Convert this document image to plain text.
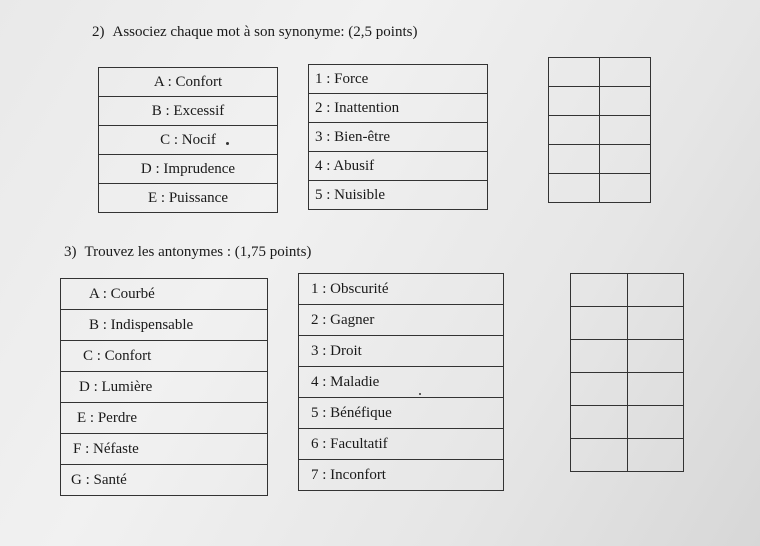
2) Associez chaque mot à son synonyme: (2,5 points)
A : Confort
B : Excessif
C : Nocif
D : Imprudence
E : Puissance
1 : Force
2 : Inattention
3 : Bien-être
4 : Abusif
5 : Nuisible

3) Trouvez les antonymes : (1,75 points)
A : Courbé
B : Indispensable
C : Confort
D : Lumière
E : Perdre
F : Néfaste
G : Santé
1 : Obscurité
2 : Gagner
3 : Droit
4 : Maladie
5 : Bénéfique
6 : Facultatif
7 : Inconfort
